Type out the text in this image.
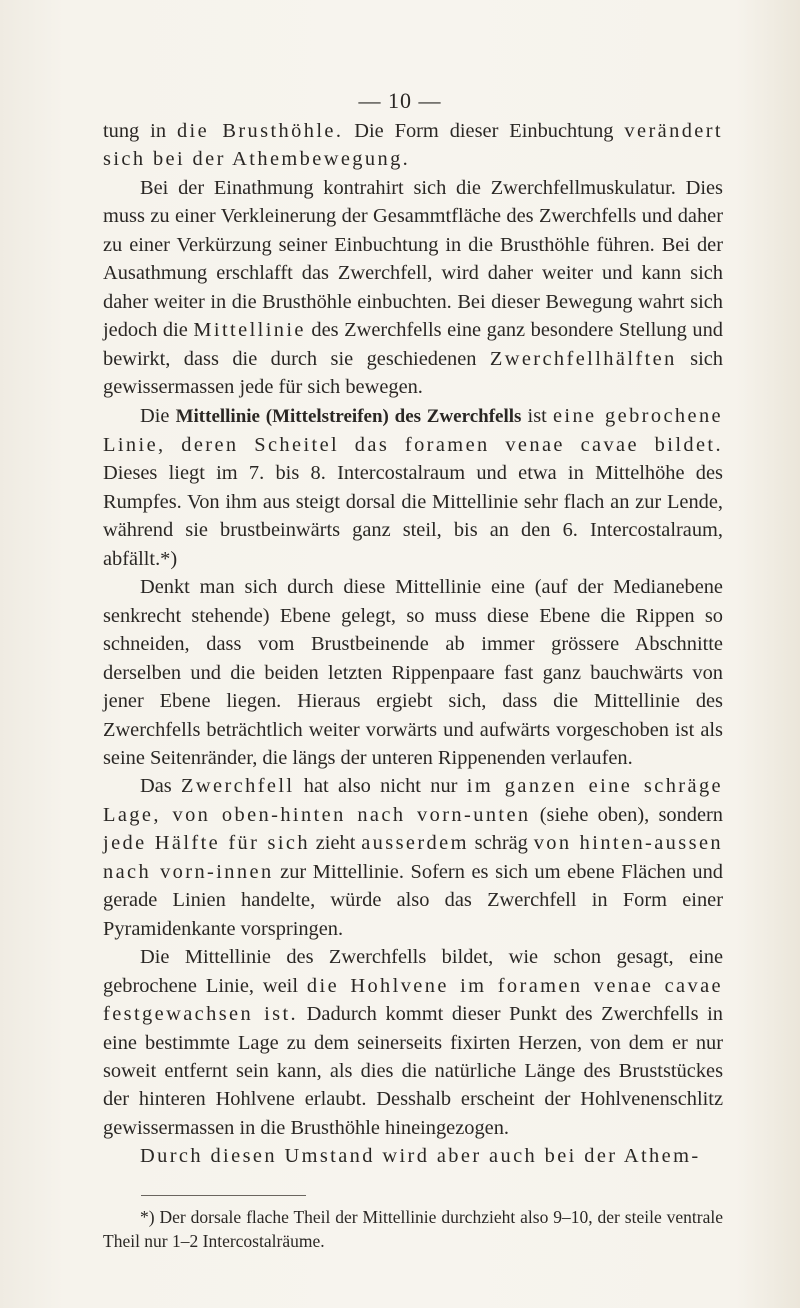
— 10 —

tung in die Brusthöhle. Die Form dieser Einbuchtung verändert sich bei der Athembewegung.

Bei der Einathmung kontrahirt sich die Zwerchfellmuskulatur. Dies muss zu einer Verkleinerung der Gesammtfläche des Zwerchfells und daher zu einer Verkürzung seiner Einbuchtung in die Brusthöhle führen. Bei der Ausathmung erschlafft das Zwerchfell, wird daher weiter und kann sich daher weiter in die Brusthöhle einbuchten. Bei dieser Bewegung wahrt sich jedoch die Mittellinie des Zwerchfells eine ganz besondere Stellung und bewirkt, dass die durch sie geschiedenen Zwerchfellhälften sich gewissermassen jede für sich bewegen.

Die Mittellinie (Mittelstreifen) des Zwerchfells ist eine gebrochene Linie, deren Scheitel das foramen venae cavae bildet. Dieses liegt im 7. bis 8. Intercostalraum und etwa in Mittelhöhe des Rumpfes. Von ihm aus steigt dorsal die Mittellinie sehr flach an zur Lende, während sie brustbeinwärts ganz steil, bis an den 6. Intercostalraum, abfällt.*)

Denkt man sich durch diese Mittellinie eine (auf der Medianebene senkrecht stehende) Ebene gelegt, so muss diese Ebene die Rippen so schneiden, dass vom Brustbeinende ab immer grössere Abschnitte derselben und die beiden letzten Rippenpaare fast ganz bauchwärts von jener Ebene liegen. Hieraus ergiebt sich, dass die Mittellinie des Zwerchfells beträchtlich weiter vorwärts und aufwärts vorgeschoben ist als seine Seitenränder, die längs der unteren Rippenenden verlaufen.

Das Zwerchfell hat also nicht nur im ganzen eine schräge Lage, von oben-hinten nach vorn-unten (siehe oben), sondern jede Hälfte für sich zieht ausserdem schräg von hinten-aussen nach vorn-innen zur Mittellinie. Sofern es sich um ebene Flächen und gerade Linien handelte, würde also das Zwerchfell in Form einer Pyramidenkante vorspringen.

Die Mittellinie des Zwerchfells bildet, wie schon gesagt, eine gebrochene Linie, weil die Hohlvene im foramen venae cavae festgewachsen ist. Dadurch kommt dieser Punkt des Zwerchfells in eine bestimmte Lage zu dem seinerseits fixirten Herzen, von dem er nur soweit entfernt sein kann, als dies die natürliche Länge des Bruststückes der hinteren Hohlvene erlaubt. Desshalb erscheint der Hohlvenenschlitz gewissermassen in die Brusthöhle hineingezogen.

Durch diesen Umstand wird aber auch bei der Athem-

*) Der dorsale flache Theil der Mittellinie durchzieht also 9–10, der steile ventrale Theil nur 1–2 Intercostalräume.
